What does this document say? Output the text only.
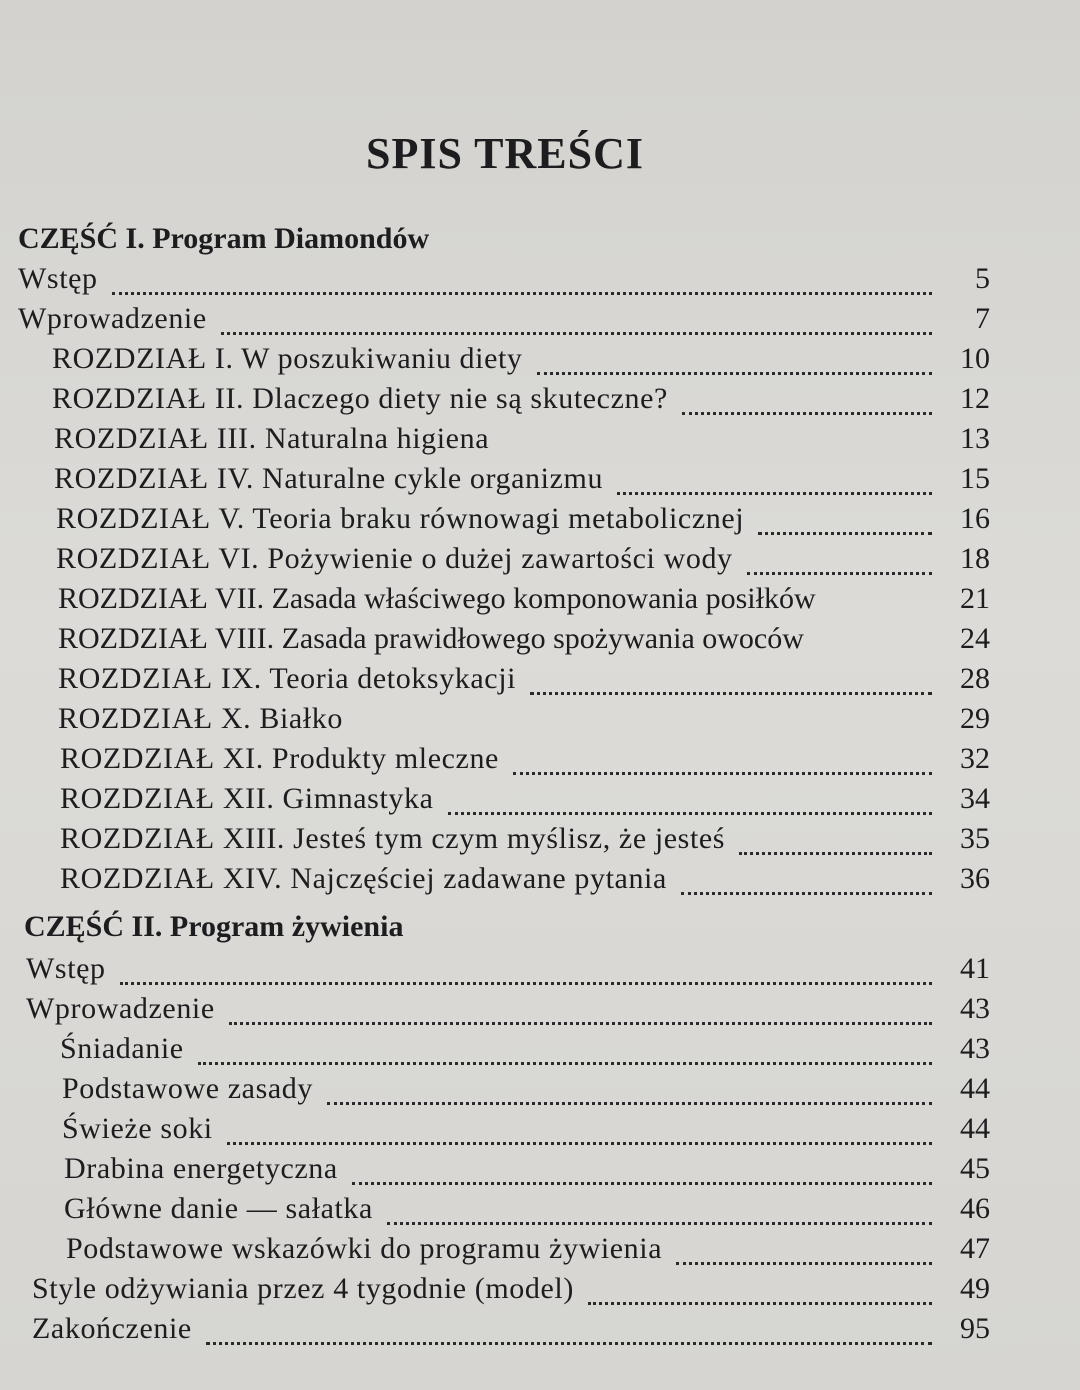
SPIS TREŚCI
CZĘŚĆ I. Program Diamondów
Wstęp	5
Wprowadzenie	7
ROZDZIAŁ I. W poszukiwaniu diety	10
ROZDZIAŁ II. Dlaczego diety nie są skuteczne?	12
ROZDZIAŁ III. Naturalna higiena	13
ROZDZIAŁ IV. Naturalne cykle organizmu	15
ROZDZIAŁ V. Teoria braku równowagi metabolicznej	16
ROZDZIAŁ VI. Pożywienie o dużej zawartości wody	18
ROZDZIAŁ VII. Zasada właściwego komponowania posiłków	21
ROZDZIAŁ VIII. Zasada prawidłowego spożywania owoców	24
ROZDZIAŁ IX. Teoria detoksykacji	28
ROZDZIAŁ X. Białko	29
ROZDZIAŁ XI. Produkty mleczne	32
ROZDZIAŁ XII. Gimnastyka	34
ROZDZIAŁ XIII. Jesteś tym czym myślisz, że jesteś	35
ROZDZIAŁ XIV. Najczęściej zadawane pytania	36
CZĘŚĆ II. Program żywienia
Wstęp	41
Wprowadzenie	43
Śniadanie	43
Podstawowe zasady	44
Świeże soki	44
Drabina energetyczna	45
Główne danie — sałatka	46
Podstawowe wskazówki do programu żywienia	47
Style odżywiania przez 4 tygodnie (model)	49
Zakończenie	95
